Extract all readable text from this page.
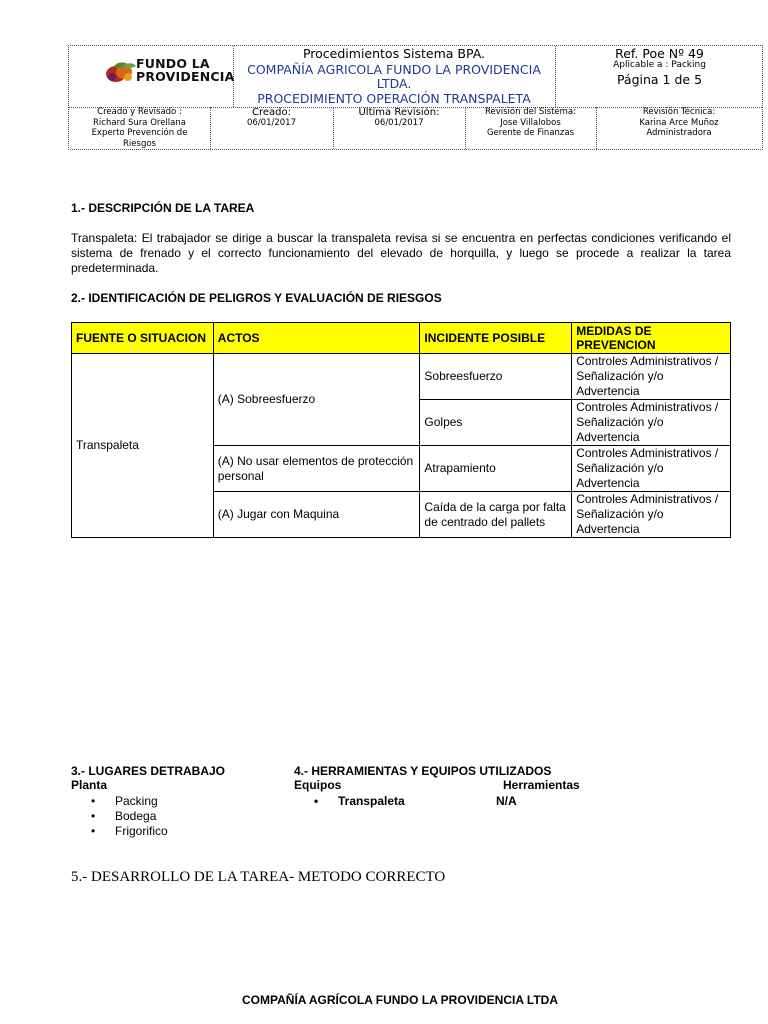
FUNDO LA
PROVIDENCIA
Procedimientos Sistema BPA.
COMPAÑÍA AGRICOLA FUNDO LA PROVIDENCIA
LTDA.
PROCEDIMIENTO OPERACIÓN TRANSPALETA
Ref. Poe Nº 49
Aplicable a : Packing
Página 1 de 5
Creado y Revisado :
Richard Sura Orellana
Experto Prevención de
Riesgos
Creado:
06/01/2017
Ultima Revisión:
06/01/2017
Revisión del Sistema:
Jose Villalobos
Gerente de Finanzas
Revisión Técnica:
Karina Arce Muñoz
Administradora
1.- DESCRIPCIÓN DE LA TAREA
Transpaleta: El trabajador se dirige a buscar la transpaleta revisa si se encuentra en perfectas condiciones verificando el sistema de frenado y el correcto funcionamiento del elevado de horquilla, y luego se procede a realizar la tarea predeterminada.
2.- IDENTIFICACIÓN DE PELIGROS Y EVALUACIÓN DE RIESGOS
FUENTE O SITUACION	ACTOS	INCIDENTE POSIBLE	MEDIDAS DE PREVENCION
Transpaleta	(A) Sobreesfuerzo	Sobreesfuerzo	Controles Administrativos / Señalización y/o Advertencia
		Golpes	Controles Administrativos / Señalización y/o Advertencia
	(A) No usar elementos de protección personal	Atrapamiento	Controles Administrativos / Señalización y/o Advertencia
	(A) Jugar con Maquina	Caída de la carga por falta de centrado del pallets	Controles Administrativos / Señalización y/o Advertencia
3.- LUGARES DETRABAJO
Planta
• Packing
• Bodega
• Frigorifico
4.- HERRAMIENTAS Y EQUIPOS UTILIZADOS
Equipos	Herramientas
• Transpaleta	N/A
5.- DESARROLLO DE LA TAREA- METODO CORRECTO
COMPAÑÍA AGRÍCOLA FUNDO LA PROVIDENCIA LTDA
